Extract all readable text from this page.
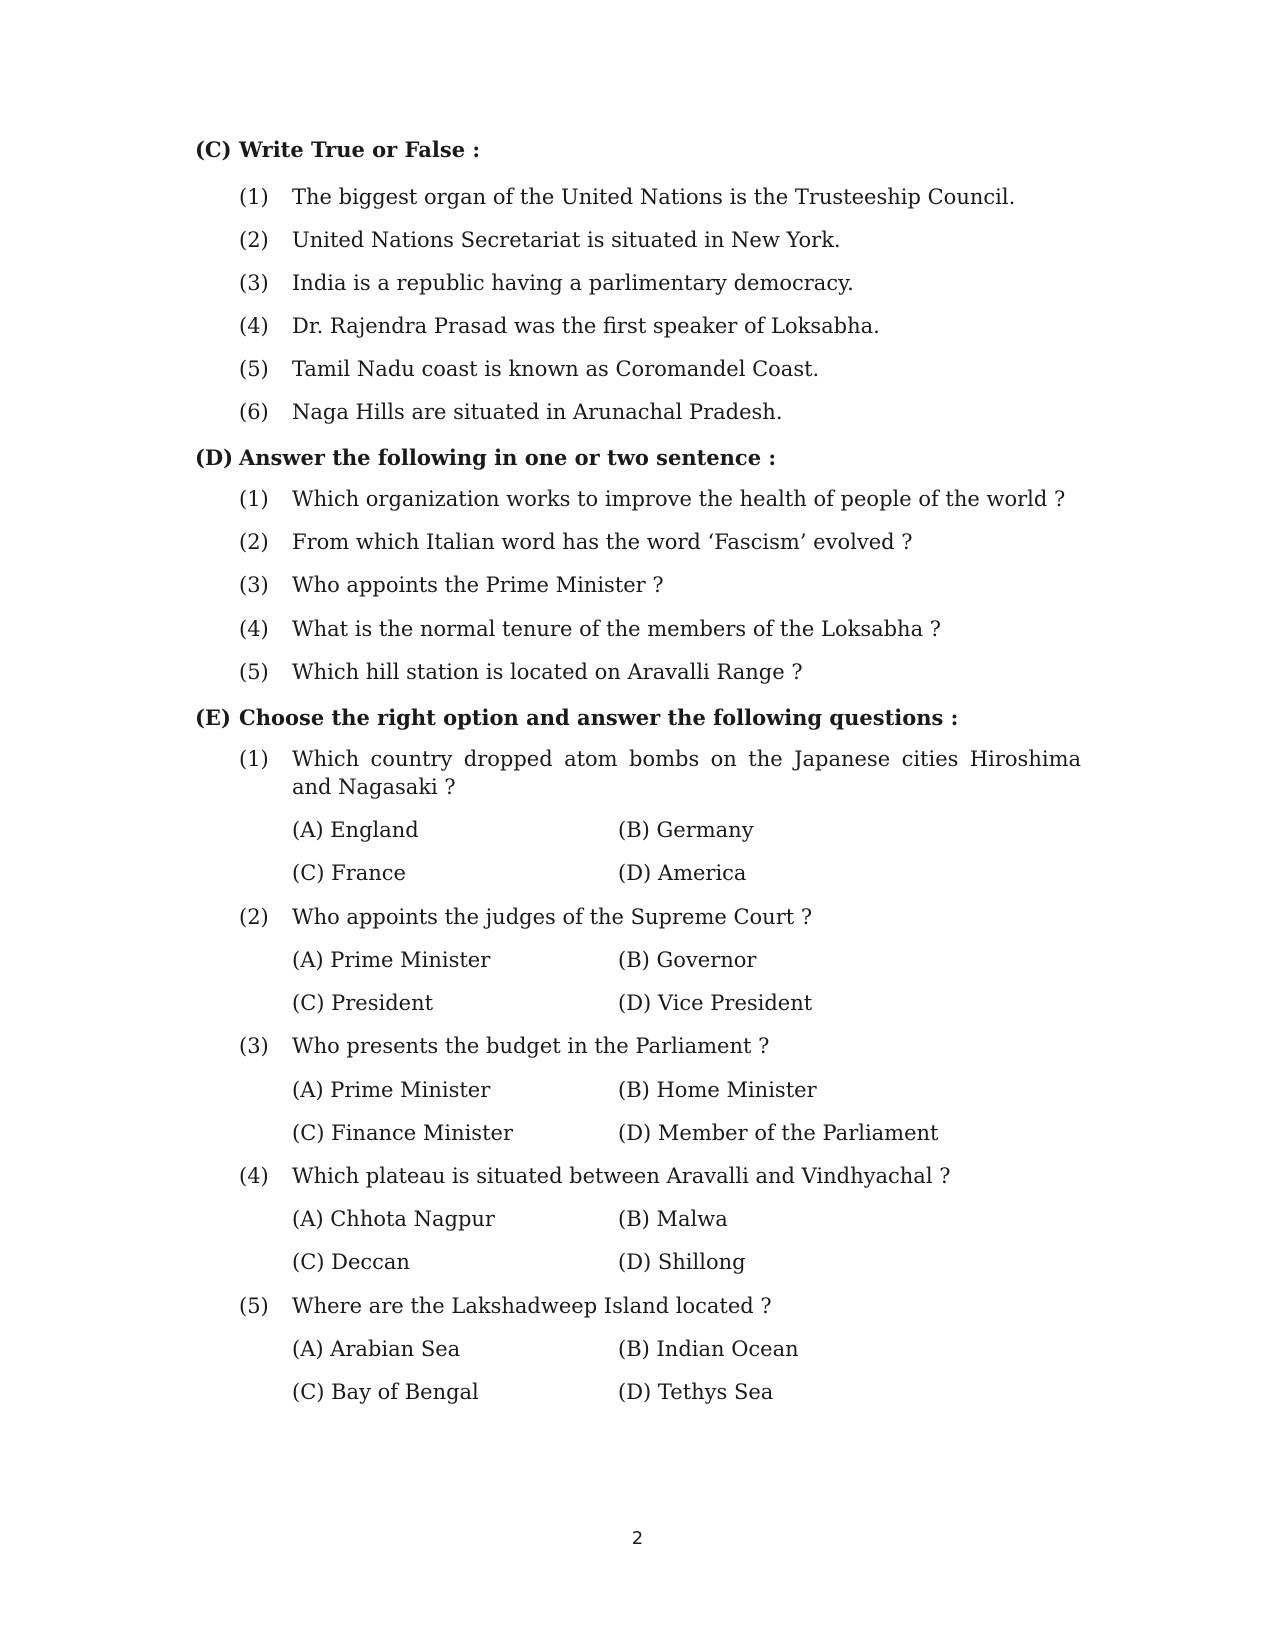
(C) Write True or False :
(1) The biggest organ of the United Nations is the Trusteeship Council.
(2) United Nations Secretariat is situated in New York.
(3) India is a republic having a parlimentary democracy.
(4) Dr. Rajendra Prasad was the first speaker of Loksabha.
(5) Tamil Nadu coast is known as Coromandel Coast.
(6) Naga Hills are situated in Arunachal Pradesh.
(D) Answer the following in one or two sentence :
(1) Which organization works to improve the health of people of the world ?
(2) From which Italian word has the word ‘Fascism’ evolved ?
(3) Who appoints the Prime Minister ?
(4) What is the normal tenure of the members of the Loksabha ?
(5) Which hill station is located on Aravalli Range ?
(E) Choose the right option and answer the following questions :
(1) Which country dropped atom bombs on the Japanese cities Hiroshima and Nagasaki ?
(A) England	(B) Germany
(C) France	(D) America
(2) Who appoints the judges of the Supreme Court ?
(A) Prime Minister	(B) Governor
(C) President	(D) Vice President
(3) Who presents the budget in the Parliament ?
(A) Prime Minister	(B) Home Minister
(C) Finance Minister	(D) Member of the Parliament
(4) Which plateau is situated between Aravalli and Vindhyachal ?
(A) Chhota Nagpur	(B) Malwa
(C) Deccan	(D) Shillong
(5) Where are the Lakshadweep Island located ?
(A) Arabian Sea	(B) Indian Ocean
(C) Bay of Bengal	(D) Tethys Sea
2
